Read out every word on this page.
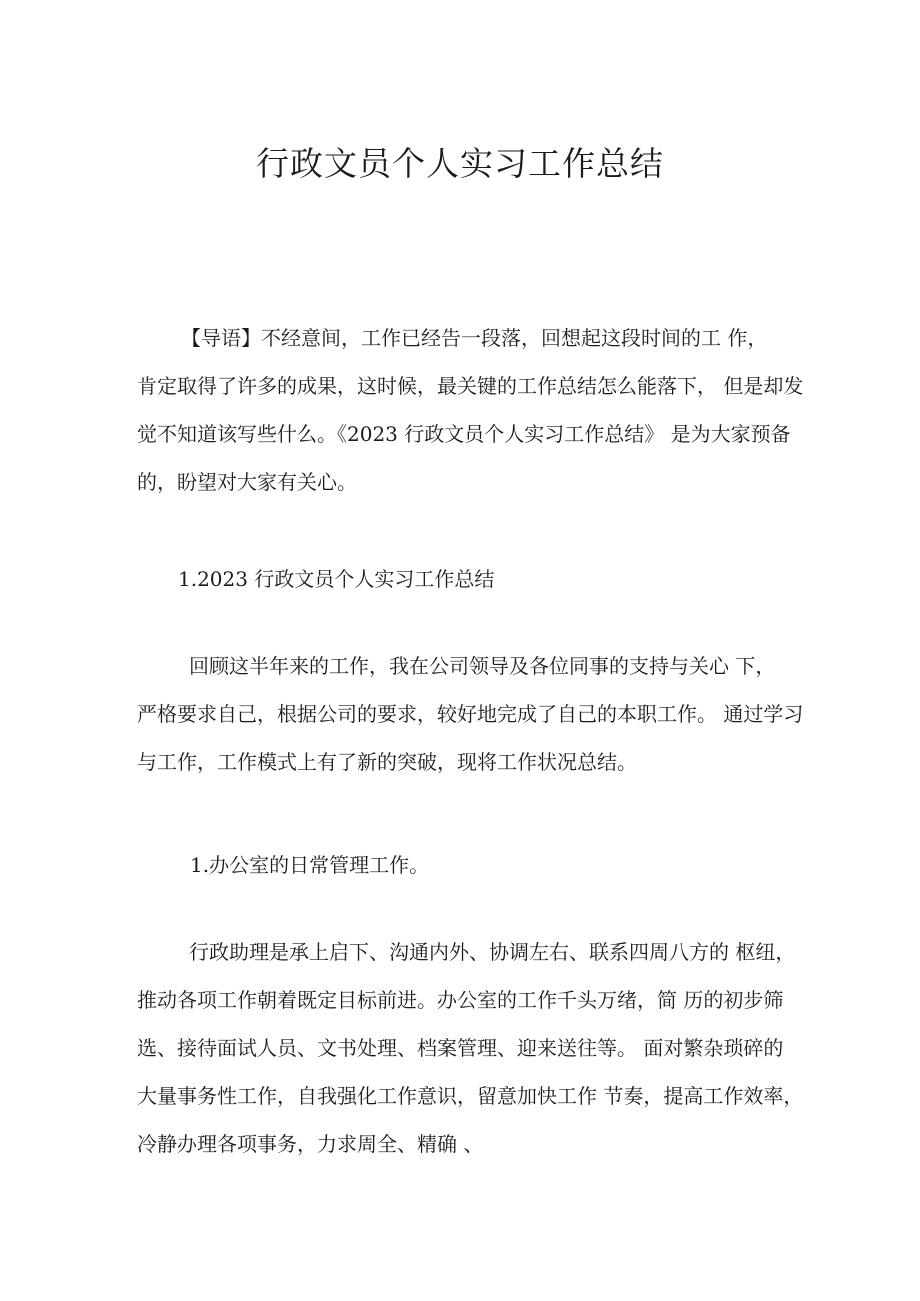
行政文员个人实习工作总结
【导语】不经意间，工作已经告一段落，回想起这段时间的工 作，
肯定取得了许多的成果，这时候，最关键的工作总结怎么能落下， 但是却发
觉不知道该写些什么。《2023 行政文员个人实习工作总结》 是为大家预备
的，盼望对大家有关心。
1.2023 行政文员个人实习工作总结
回顾这半年来的工作，我在公司领导及各位同事的支持与关心 下，
严格要求自己，根据公司的要求，较好地完成了自己的本职工作。 通过学习
与工作，工作模式上有了新的突破，现将工作状况总结。
1.办公室的日常管理工作。
行政助理是承上启下、沟通内外、协调左右、联系四周八方的 枢纽，
推动各项工作朝着既定目标前进。办公室的工作千头万绪，简 历的初步筛
选、接待面试人员、文书处理、档案管理、迎来送往等。 面对繁杂琐碎的
大量事务性工作，自我强化工作意识，留意加快工作 节奏，提高工作效率，
冷静办理各项事务，力求周全、精确 、
